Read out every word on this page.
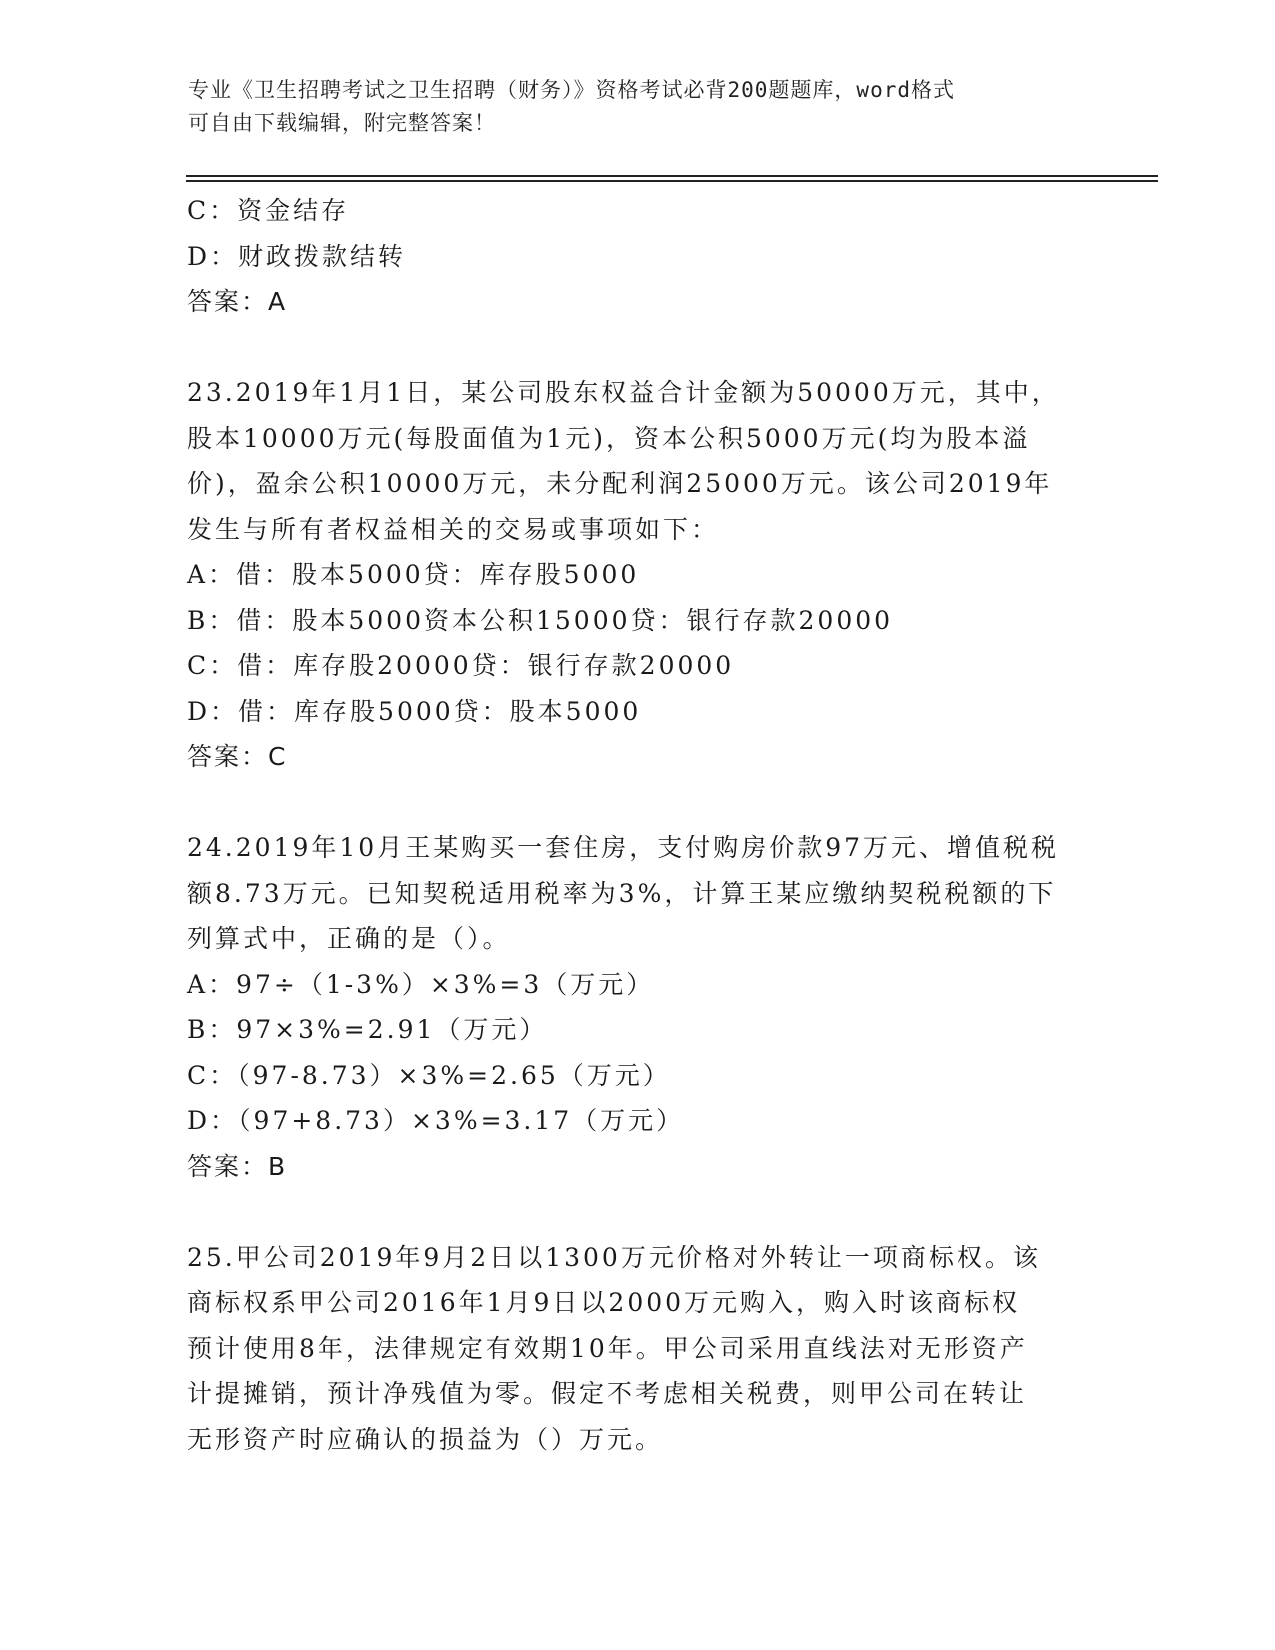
专业《卫生招聘考试之卫生招聘（财务）》资格考试必背200题题库，word格式
可自由下载编辑，附完整答案！
C：资金结存
D：财政拨款结转
答案：A
23.2019年1月1日，某公司股东权益合计金额为50000万元，其中，
股本10000万元(每股面值为1元)，资本公积5000万元(均为股本溢
价)，盈余公积10000万元，未分配利润25000万元。该公司2019年
发生与所有者权益相关的交易或事项如下：
A：借：股本5000贷：库存股5000
B：借：股本5000资本公积15000贷：银行存款20000
C：借：库存股20000贷：银行存款20000
D：借：库存股5000贷：股本5000
答案：C
24.2019年10月王某购买一套住房，支付购房价款97万元、增值税税
额8.73万元。已知契税适用税率为3%，计算王某应缴纳契税税额的下
列算式中，正确的是（）。
A：97÷（1-3%）×3%=3（万元）
B：97×3%=2.91（万元）
C：（97-8.73）×3%=2.65（万元）
D：（97+8.73）×3%=3.17（万元）
答案：B
25.甲公司2019年9月2日以1300万元价格对外转让一项商标权。该
商标权系甲公司2016年1月9日以2000万元购入，购入时该商标权
预计使用8年，法律规定有效期10年。甲公司采用直线法对无形资产
计提摊销，预计净残值为零。假定不考虑相关税费，则甲公司在转让
无形资产时应确认的损益为（）万元。
